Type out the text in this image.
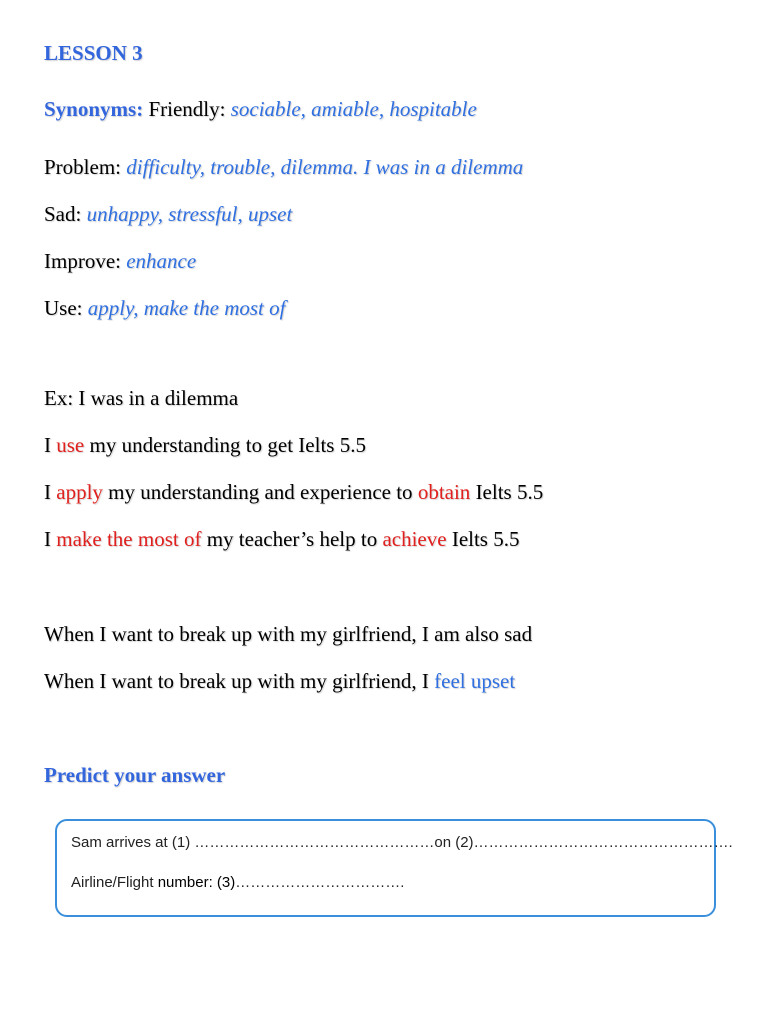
LESSON 3
Synonyms: Friendly: sociable, amiable, hospitable
Problem: difficulty, trouble, dilemma. I was in a dilemma
Sad: unhappy, stressful, upset
Improve: enhance
Use: apply, make the most of
Ex: I was in a dilemma
I use my understanding to get Ielts 5.5
I apply my understanding and experience to obtain Ielts 5.5
I make the most of my teacher’s help to achieve Ielts 5.5
When I want to break up with my girlfriend, I am also sad
When I want to break up with my girlfriend, I feel upset
Predict your answer
Sam arrives at (1) …………………………………………on (2)…………………………………………….
Airline/Flight number: (3)…………………………….
